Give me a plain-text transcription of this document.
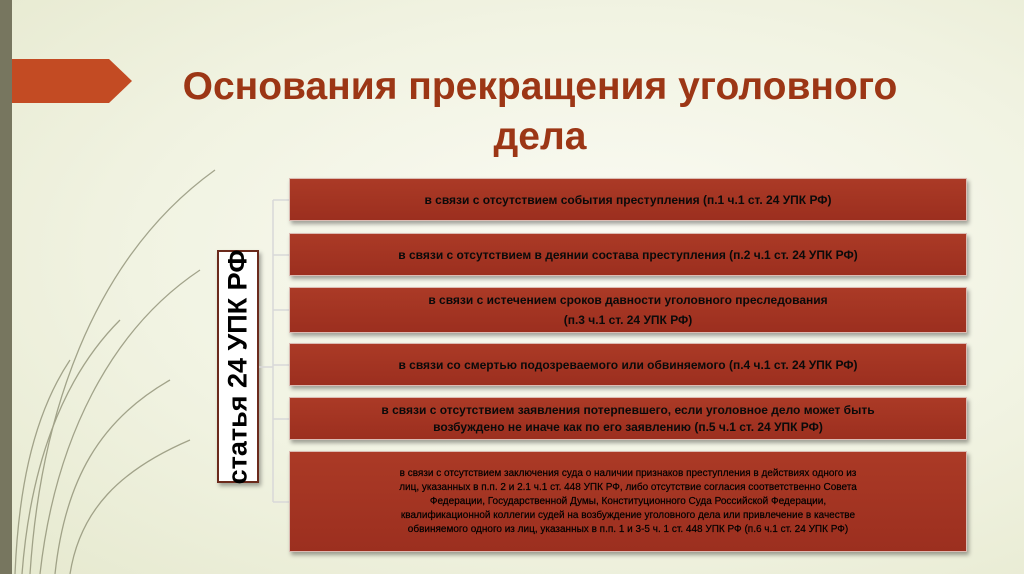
Основания прекращения уголовного дела
статья 24 УПК РФ
в связи с отсутствием события преступления (п.1 ч.1 ст. 24 УПК РФ)
в связи с отсутствием в деянии состава преступления (п.2 ч.1 ст. 24 УПК РФ)
в связи с истечением сроков давности уголовного преследования
(п.3 ч.1 ст. 24 УПК РФ)
в связи со смертью подозреваемого или обвиняемого (п.4 ч.1 ст. 24 УПК РФ)
в связи с отсутствием заявления потерпевшего, если уголовное дело может быть
возбуждено не иначе как по его заявлению (п.5 ч.1 ст. 24 УПК РФ)
в связи с отсутствием заключения суда о наличии признаков преступления в действиях одного из
лиц, указанных в п.п. 2 и 2.1 ч.1 ст. 448 УПК РФ, либо отсутствие согласия соответственно Совета
Федерации, Государственной Думы, Конституционного Суда Российской Федерации,
квалификационной коллегии судей на возбуждение уголовного дела или привлечение в качестве
обвиняемого одного из лиц, указанных в п.п. 1 и 3-5 ч. 1 ст. 448 УПК РФ (п.6 ч.1 ст. 24 УПК РФ)
